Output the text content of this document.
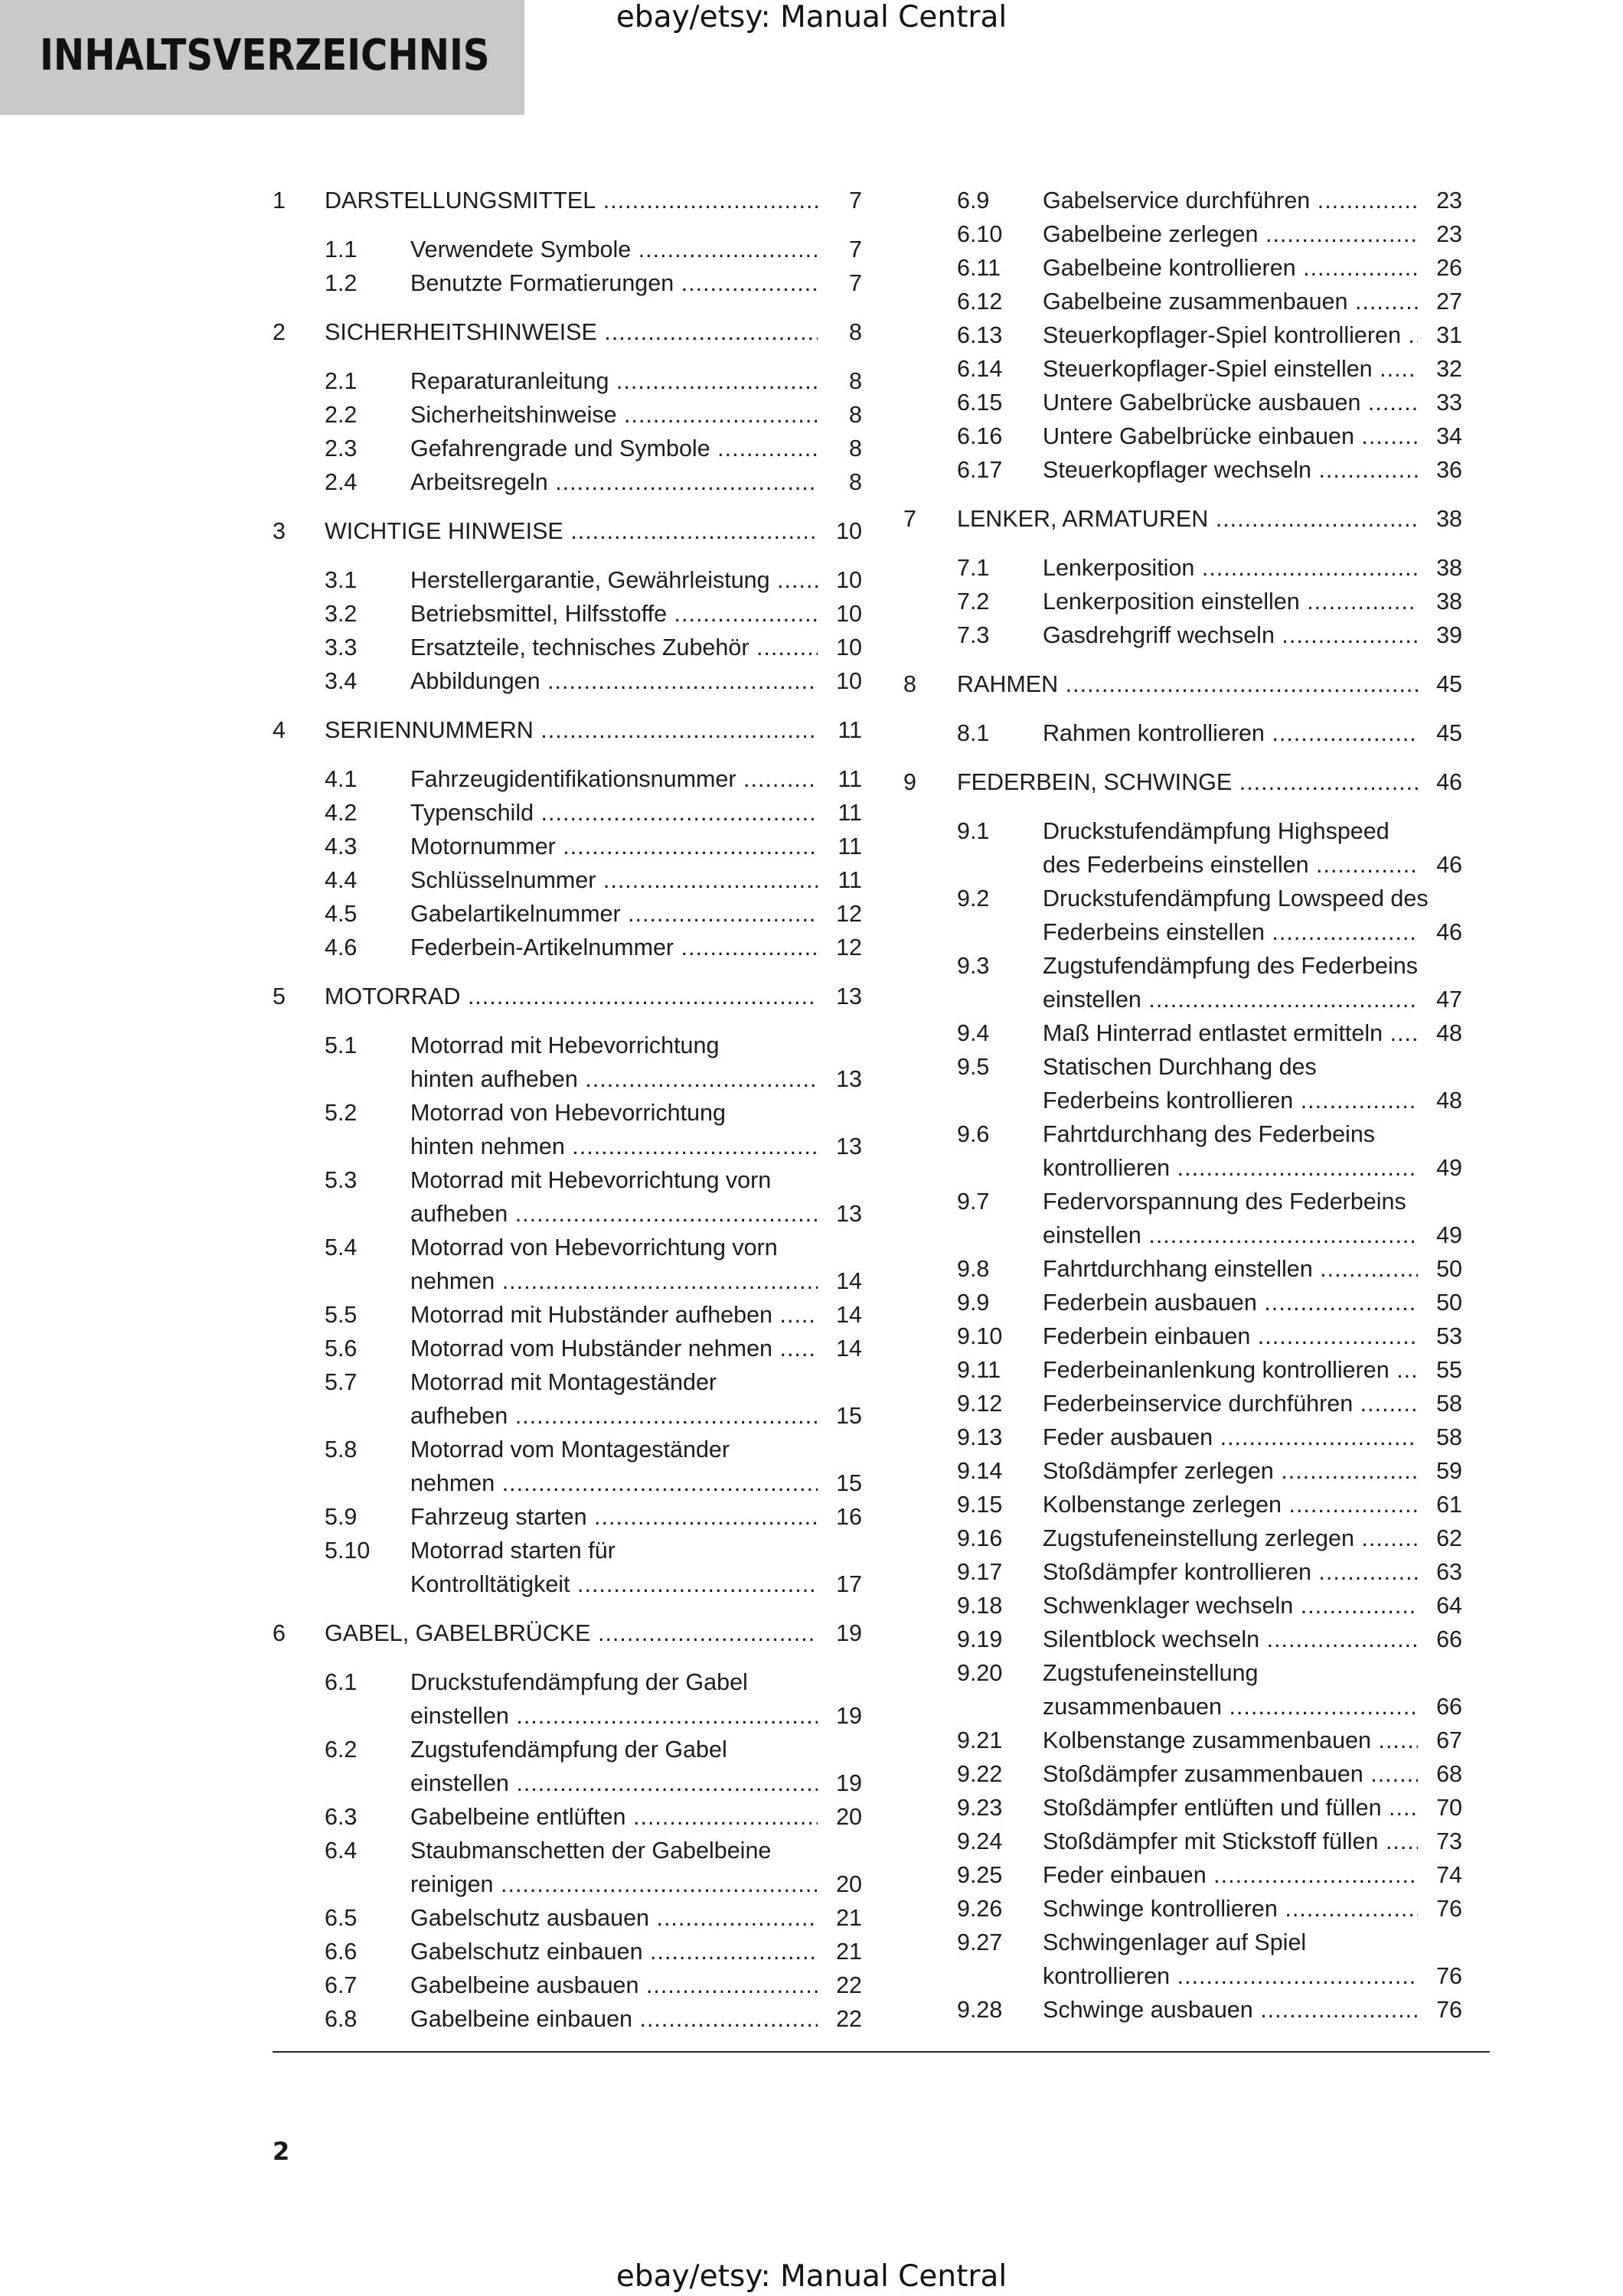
ebay/etsy: Manual Central
INHALTSVERZEICHNIS
1	DARSTELLUNGSMITTEL .....	7
1.1	Verwendete Symbole .....	7
1.2	Benutzte Formatierungen .....	7
2	SICHERHEITSHINWEISE .....	8
2.1	Reparaturanleitung .....	8
2.2	Sicherheitshinweise .....	8
2.3	Gefahrengrade und Symbole .....	8
2.4	Arbeitsregeln .....	8
3	WICHTIGE HINWEISE .....	10
3.1	Herstellergarantie, Gewährleistung .....	10
3.2	Betriebsmittel, Hilfsstoffe .....	10
3.3	Ersatzteile, technisches Zubehör .....	10
3.4	Abbildungen .....	10
4	SERIENNUMMERN .....	11
4.1	Fahrzeugidentifikationsnummer .....	11
4.2	Typenschild .....	11
4.3	Motornummer .....	11
4.4	Schlüsselnummer .....	11
4.5	Gabelartikelnummer .....	12
4.6	Federbein-Artikelnummer .....	12
5	MOTORRAD .....	13
5.1	Motorrad mit Hebevorrichtung
hinten aufheben .....	13
5.2	Motorrad von Hebevorrichtung
hinten nehmen .....	13
5.3	Motorrad mit Hebevorrichtung vorn
aufheben .....	13
5.4	Motorrad von Hebevorrichtung vorn
nehmen .....	14
5.5	Motorrad mit Hubständer aufheben .....	14
5.6	Motorrad vom Hubständer nehmen .....	14
5.7	Motorrad mit Montageständer
aufheben .....	15
5.8	Motorrad vom Montageständer
nehmen .....	15
5.9	Fahrzeug starten .....	16
5.10	Motorrad starten für
Kontrolltätigkeit .....	17
6	GABEL, GABELBRÜCKE .....	19
6.1	Druckstufendämpfung der Gabel
einstellen .....	19
6.2	Zugstufendämpfung der Gabel
einstellen .....	19
6.3	Gabelbeine entlüften .....	20
6.4	Staubmanschetten der Gabelbeine
reinigen .....	20
6.5	Gabelschutz ausbauen .....	21
6.6	Gabelschutz einbauen .....	21
6.7	Gabelbeine ausbauen .....	22
6.8	Gabelbeine einbauen .....	22
6.9	Gabelservice durchführen .....	23
6.10	Gabelbeine zerlegen .....	23
6.11	Gabelbeine kontrollieren .....	26
6.12	Gabelbeine zusammenbauen .....	27
6.13	Steuerkopflager-Spiel kontrollieren .....	31
6.14	Steuerkopflager-Spiel einstellen .....	32
6.15	Untere Gabelbrücke ausbauen .....	33
6.16	Untere Gabelbrücke einbauen .....	34
6.17	Steuerkopflager wechseln .....	36
7	LENKER, ARMATUREN .....	38
7.1	Lenkerposition .....	38
7.2	Lenkerposition einstellen .....	38
7.3	Gasdrehgriff wechseln .....	39
8	RAHMEN .....	45
8.1	Rahmen kontrollieren .....	45
9	FEDERBEIN, SCHWINGE .....	46
9.1	Druckstufendämpfung Highspeed
des Federbeins einstellen .....	46
9.2	Druckstufendämpfung Lowspeed des
Federbeins einstellen .....	46
9.3	Zugstufendämpfung des Federbeins
einstellen .....	47
9.4	Maß Hinterrad entlastet ermitteln .....	48
9.5	Statischen Durchhang des
Federbeins kontrollieren .....	48
9.6	Fahrtdurchhang des Federbeins
kontrollieren .....	49
9.7	Federvorspannung des Federbeins
einstellen .....	49
9.8	Fahrtdurchhang einstellen .....	50
9.9	Federbein ausbauen .....	50
9.10	Federbein einbauen .....	53
9.11	Federbeinanlenkung kontrollieren .....	55
9.12	Federbeinservice durchführen .....	58
9.13	Feder ausbauen .....	58
9.14	Stoßdämpfer zerlegen .....	59
9.15	Kolbenstange zerlegen .....	61
9.16	Zugstufeneinstellung zerlegen .....	62
9.17	Stoßdämpfer kontrollieren .....	63
9.18	Schwenklager wechseln .....	64
9.19	Silentblock wechseln .....	66
9.20	Zugstufeneinstellung
zusammenbauen .....	66
9.21	Kolbenstange zusammenbauen .....	67
9.22	Stoßdämpfer zusammenbauen .....	68
9.23	Stoßdämpfer entlüften und füllen .....	70
9.24	Stoßdämpfer mit Stickstoff füllen .....	73
9.25	Feder einbauen .....	74
9.26	Schwinge kontrollieren .....	76
9.27	Schwingenlager auf Spiel
kontrollieren .....	76
9.28	Schwinge ausbauen .....	76
2
ebay/etsy: Manual Central
